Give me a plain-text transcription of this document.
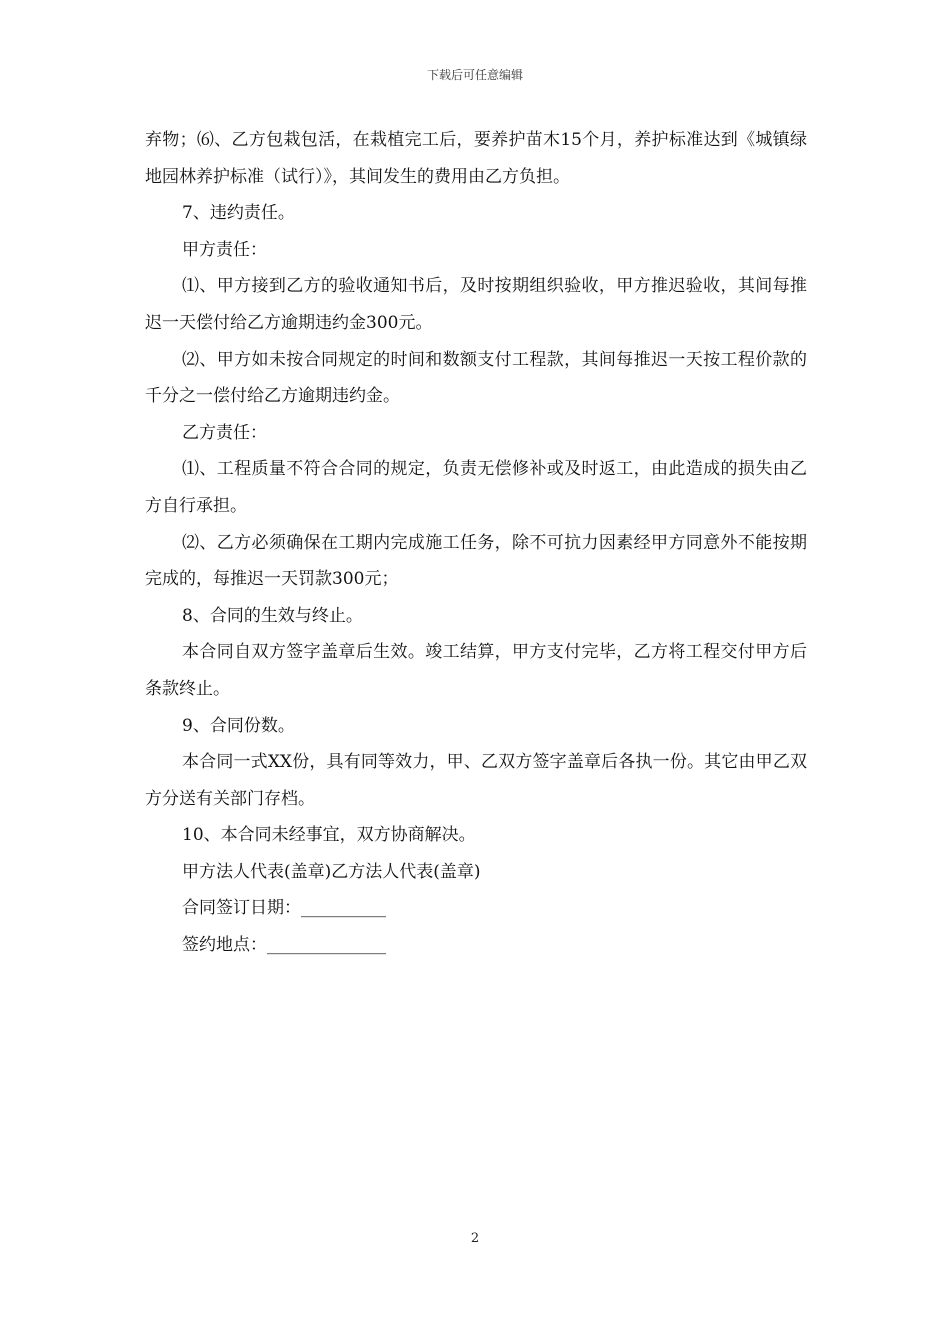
下载后可任意编辑

弃物；⑹、乙方包栽包活，在栽植完工后，要养护苗木15个月，养护标准达到《城镇绿地园林养护标准（试行）》，其间发生的费用由乙方负担。

7、违约责任。

甲方责任：

⑴、甲方接到乙方的验收通知书后，及时按期组织验收，甲方推迟验收，其间每推迟一天偿付给乙方逾期违约金300元。

⑵、甲方如未按合同规定的时间和数额支付工程款，其间每推迟一天按工程价款的千分之一偿付给乙方逾期违约金。

乙方责任：

⑴、工程质量不符合合同的规定，负责无偿修补或及时返工，由此造成的损失由乙方自行承担。

⑵、乙方必须确保在工期内完成施工任务，除不可抗力因素经甲方同意外不能按期完成的，每推迟一天罚款300元；

8、合同的生效与终止。

本合同自双方签字盖章后生效。竣工结算，甲方支付完毕，乙方将工程交付甲方后条款终止。

9、合同份数。

本合同一式XX份，具有同等效力，甲、乙双方签字盖章后各执一份。其它由甲乙双方分送有关部门存档。

10、本合同未经事宜，双方协商解决。

甲方法人代表(盖章)乙方法人代表(盖章)

合同签订日期：__________

签约地点：______________

2
